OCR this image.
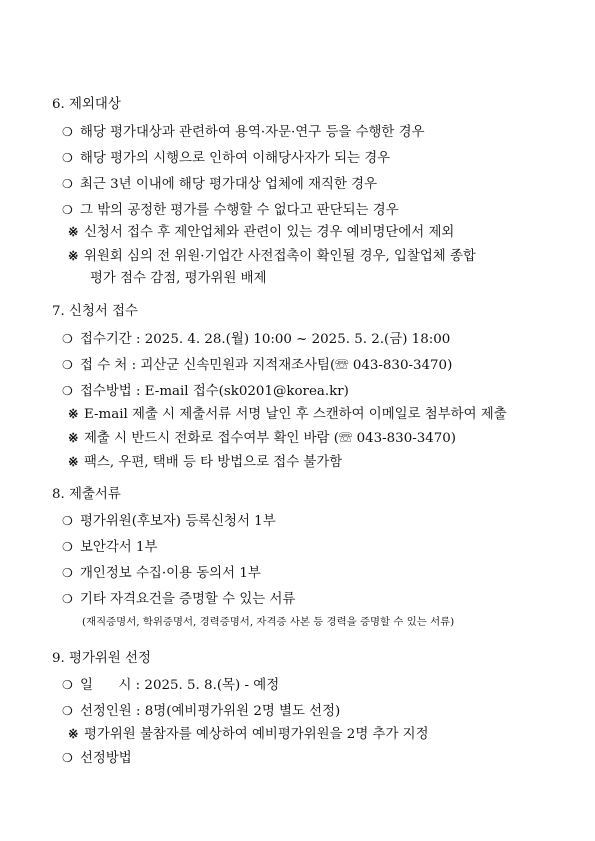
6. 제외대상
❍ 해당 평가대상과 관련하여 용역·자문·연구 등을 수행한 경우
❍ 해당 평가의 시행으로 인하여 이해당사자가 되는 경우
❍ 최근 3년 이내에 해당 평가대상 업체에 재직한 경우
❍ 그 밖의 공정한 평가를 수행할 수 없다고 판단되는 경우
※ 신청서 접수 후 제안업체와 관련이 있는 경우 예비명단에서 제외
※ 위원회 심의 전 위원·기업간 사전접촉이 확인될 경우, 입찰업체 종합
평가 점수 감점, 평가위원 배제
7. 신청서 접수
❍ 접수기간 : 2025. 4. 28.(월) 10:00 ~ 2025. 5. 2.(금) 18:00
❍ 접 수 처 : 괴산군 신속민원과 지적재조사팀(☏ 043-830-3470)
❍ 접수방법 : E-mail 접수(sk0201@korea.kr)
※ E-mail 제출 시 제출서류 서명 날인 후 스캔하여 이메일로 첨부하여 제출
※ 제출 시 반드시 전화로 접수여부 확인 바람 (☏ 043-830-3470)
※ 팩스, 우편, 택배 등 타 방법으로 접수 불가함
8. 제출서류
❍ 평가위원(후보자) 등록신청서 1부
❍ 보안각서 1부
❍ 개인정보 수집·이용 동의서 1부
❍ 기타 자격요건을 증명할 수 있는 서류
(재직증명서, 학위증명서, 경력증명서, 자격증 사본 등 경력을 증명할 수 있는 서류)
9. 평가위원 선정
❍ 일      시 : 2025. 5. 8.(목) - 예정
❍ 선정인원 : 8명(예비평가위원 2명 별도 선정)
※ 평가위원 불참자를 예상하여 예비평가위원을 2명 추가 지정
❍ 선정방법
